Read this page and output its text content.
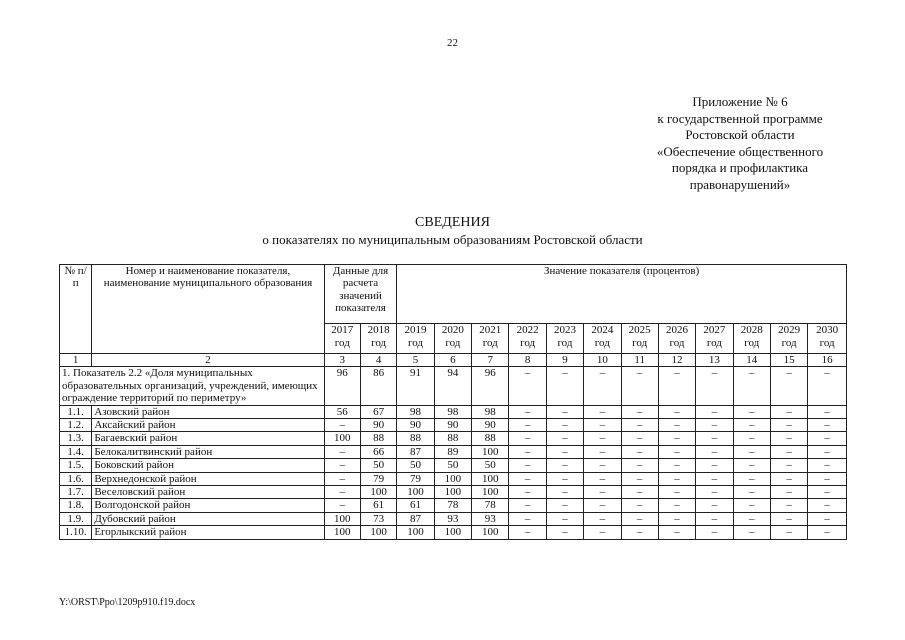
22
Приложение № 6
к государственной программе
Ростовской области
«Обеспечение общественного
порядка и профилактика
правонарушений»
СВЕДЕНИЯ
о показателях по муниципальным образованиям Ростовской области
№ п/п	Номер и наименование показателя, наименование муниципального образования	Данные для расчета значений показателя		Значение показателя (процентов)											
		2017 год	2018 год	2019 год	2020 год	2021 год	2022 год	2023 год	2024 год	2025 год	2026 год	2027 год	2028 год	2029 год	2030 год
1	2	3	4	5	6	7	8	9	10	11	12	13	14	15	16
1. Показатель 2.2 «Доля муниципальных образовательных организаций, учреждений, имеющих ограждение территорий по периметру»		96	86	91	94	96	–	–	–	–	–	–	–	–	–
1.1.	Азовский район	56	67	98	98	98	–	–	–	–	–	–	–	–	–
1.2.	Аксайский район	–	90	90	90	90	–	–	–	–	–	–	–	–	–
1.3.	Багаевский район	100	88	88	88	88	–	–	–	–	–	–	–	–	–
1.4.	Белокалитвинский район	–	66	87	89	100	–	–	–	–	–	–	–	–	–
1.5.	Боковский район	–	50	50	50	50	–	–	–	–	–	–	–	–	–
1.6.	Верхнедонской район	–	79	79	100	100	–	–	–	–	–	–	–	–	–
1.7.	Веселовский район	–	100	100	100	100	–	–	–	–	–	–	–	–	–
1.8.	Волгодонской район	–	61	61	78	78	–	–	–	–	–	–	–	–	–
1.9.	Дубовский район	100	73	87	93	93	–	–	–	–	–	–	–	–	–
1.10.	Егорлыкский район	100	100	100	100	100	–	–	–	–	–	–	–	–	–
Y:\ORST\Ppo\1209p910.f19.docx
